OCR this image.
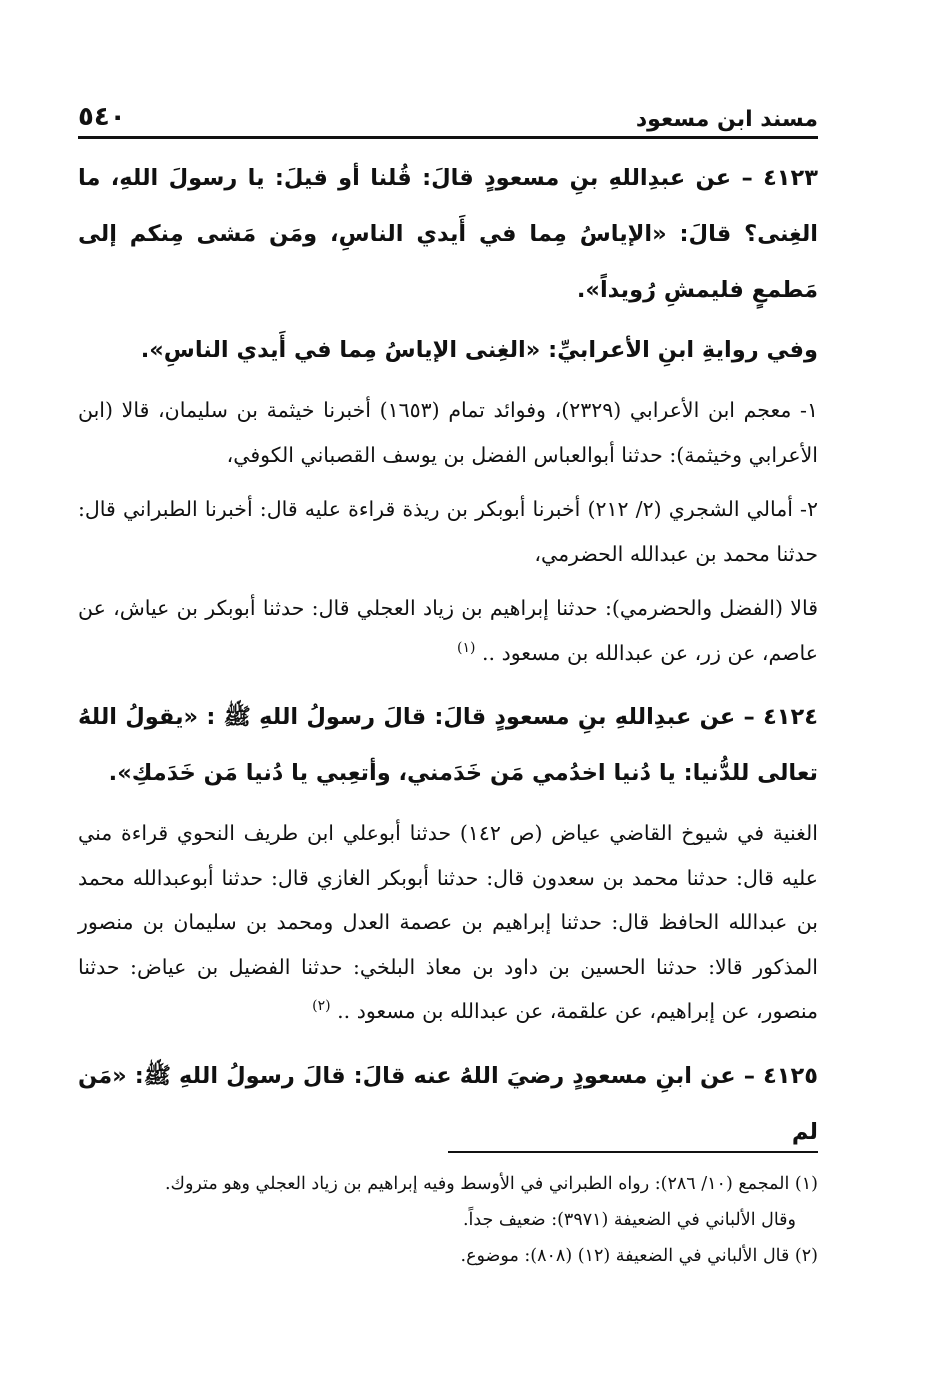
مسند ابن مسعود
٥٤٠

٤١٢٣ – عن عبدِاللهِ بنِ مسعودٍ قالَ: قُلنا أو قيلَ: يا رسولَ اللهِ، ما الغِنى؟ قالَ: «الإياسُ مِما في أَيدي الناسِ، ومَن مَشى مِنكم إلى مَطمعٍ فليمشِ رُويداً».

وفي روايةِ ابنِ الأعرابيِّ: «الغِنى الإياسُ مِما في أَيدي الناسِ».

١- معجم ابن الأعرابي (٢٣٢٩)، وفوائد تمام (١٦٥٣) أخبرنا خيثمة بن سليمان، قالا (ابن الأعرابي وخيثمة): حدثنا أبوالعباس الفضل بن يوسف القصباني الكوفي،

٢- أمالي الشجري (٢/ ٢١٢) أخبرنا أبوبكر بن ريذة قراءة عليه قال: أخبرنا الطبراني قال: حدثنا محمد بن عبدالله الحضرمي،

قالا (الفضل والحضرمي): حدثنا إبراهيم بن زياد العجلي قال: حدثنا أبوبكر بن عياش، عن عاصم، عن زر، عن عبدالله بن مسعود .. $^{(١)}$

٤١٢٤ – عن عبدِاللهِ بنِ مسعودٍ قالَ: قالَ رسولُ اللهِ ﷺ : «يقولُ اللهُ تعالى للدُّنيا: يا دُنيا اخدُمي مَن خَدَمني، وأتعِبي يا دُنيا مَن خَدَمكِ».

الغنية في شيوخ القاضي عياض (ص ١٤٢) حدثنا أبوعلي ابن طريف النحوي قراءة مني عليه قال: حدثنا محمد بن سعدون قال: حدثنا أبوبكر الغازي قال: حدثنا أبوعبدالله محمد بن عبدالله الحافظ قال: حدثنا إبراهيم بن عصمة العدل ومحمد بن سليمان بن منصور المذكور قالا: حدثنا الحسين بن داود بن معاذ البلخي: حدثنا الفضيل بن عياض: حدثنا منصور، عن إبراهيم، عن علقمة، عن عبدالله بن مسعود .. $^{(٢)}$

٤١٢٥ – عن ابنِ مسعودٍ رضيَ اللهُ عنه قالَ: قالَ رسولُ اللهِ ﷺ: «مَن لم

(١) المجمع (١٠/ ٢٨٦): رواه الطبراني في الأوسط وفيه إبراهيم بن زياد العجلي وهو متروك.

وقال الألباني في الضعيفة (٣٩٧١): ضعيف جداً.

(٢) قال الألباني في الضعيفة (١٢) (٨٠٨): موضوع.
